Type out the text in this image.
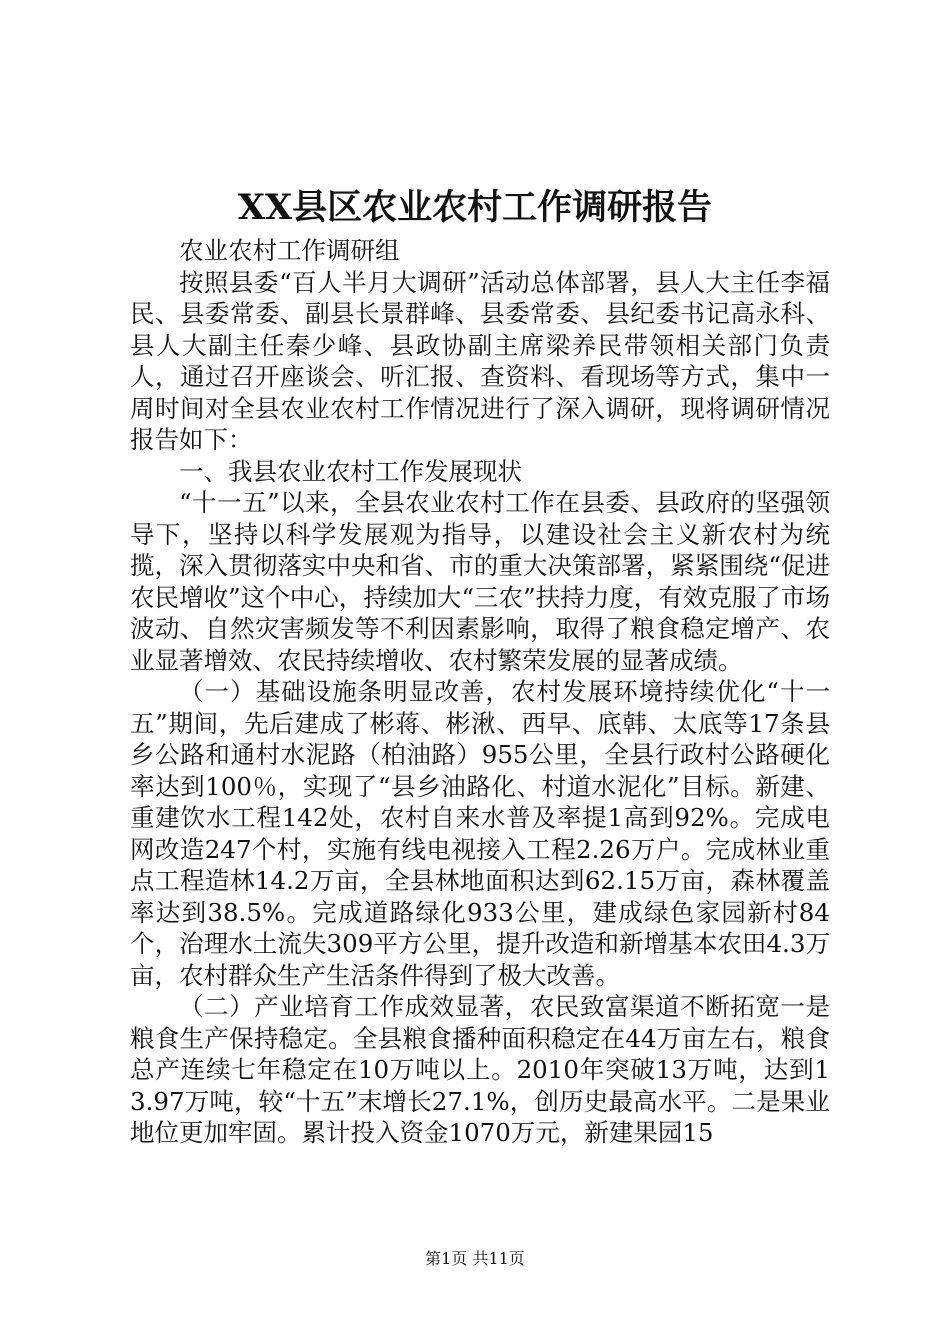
XX县区农业农村工作调研报告

农业农村工作调研组

按照县委“百人半月大调研”活动总体部署，县人大主任李福民、县委常委、副县长景群峰、县委常委、县纪委书记高永科、县人大副主任秦少峰、县政协副主席梁养民带领相关部门负责人，通过召开座谈会、听汇报、查资料、看现场等方式，集中一周时间对全县农业农村工作情况进行了深入调研，现将调研情况报告如下：

一、我县农业农村工作发展现状

“十一五”以来，全县农业农村工作在县委、县政府的坚强领导下，坚持以科学发展观为指导，以建设社会主义新农村为统揽，深入贯彻落实中央和省、市的重大决策部署，紧紧围绕“促进农民增收”这个中心，持续加大“三农”扶持力度，有效克服了市场波动、自然灾害频发等不利因素影响，取得了粮食稳定增产、农业显著增效、农民持续增收、农村繁荣发展的显著成绩。

（一）基础设施条明显改善，农村发展环境持续优化“十一五”期间，先后建成了彬蒋、彬湫、西早、底韩、太底等17条县乡公路和通村水泥路（柏油路）955公里，全县行政村公路硬化率达到100％，实现了“县乡油路化、村道水泥化”目标。新建、重建饮水工程142处，农村自来水普及率提1高到92%。完成电网改造247个村，实施有线电视接入工程2.26万户。完成林业重点工程造林14.2万亩，全县林地面积达到62.15万亩，森林覆盖率达到38.5%。完成道路绿化933公里，建成绿色家园新村84个，治理水土流失309平方公里，提升改造和新增基本农田4.3万亩，农村群众生产生活条件得到了极大改善。

（二）产业培育工作成效显著，农民致富渠道不断拓宽一是粮食生产保持稳定。全县粮食播种面积稳定在44万亩左右，粮食总产连续七年稳定在10万吨以上。2010年突破13万吨，达到13.97万吨，较“十五”末增长27.1%，创历史最高水平。二是果业地位更加牢固。累计投入资金1070万元，新建果园15

第1页 共11页
